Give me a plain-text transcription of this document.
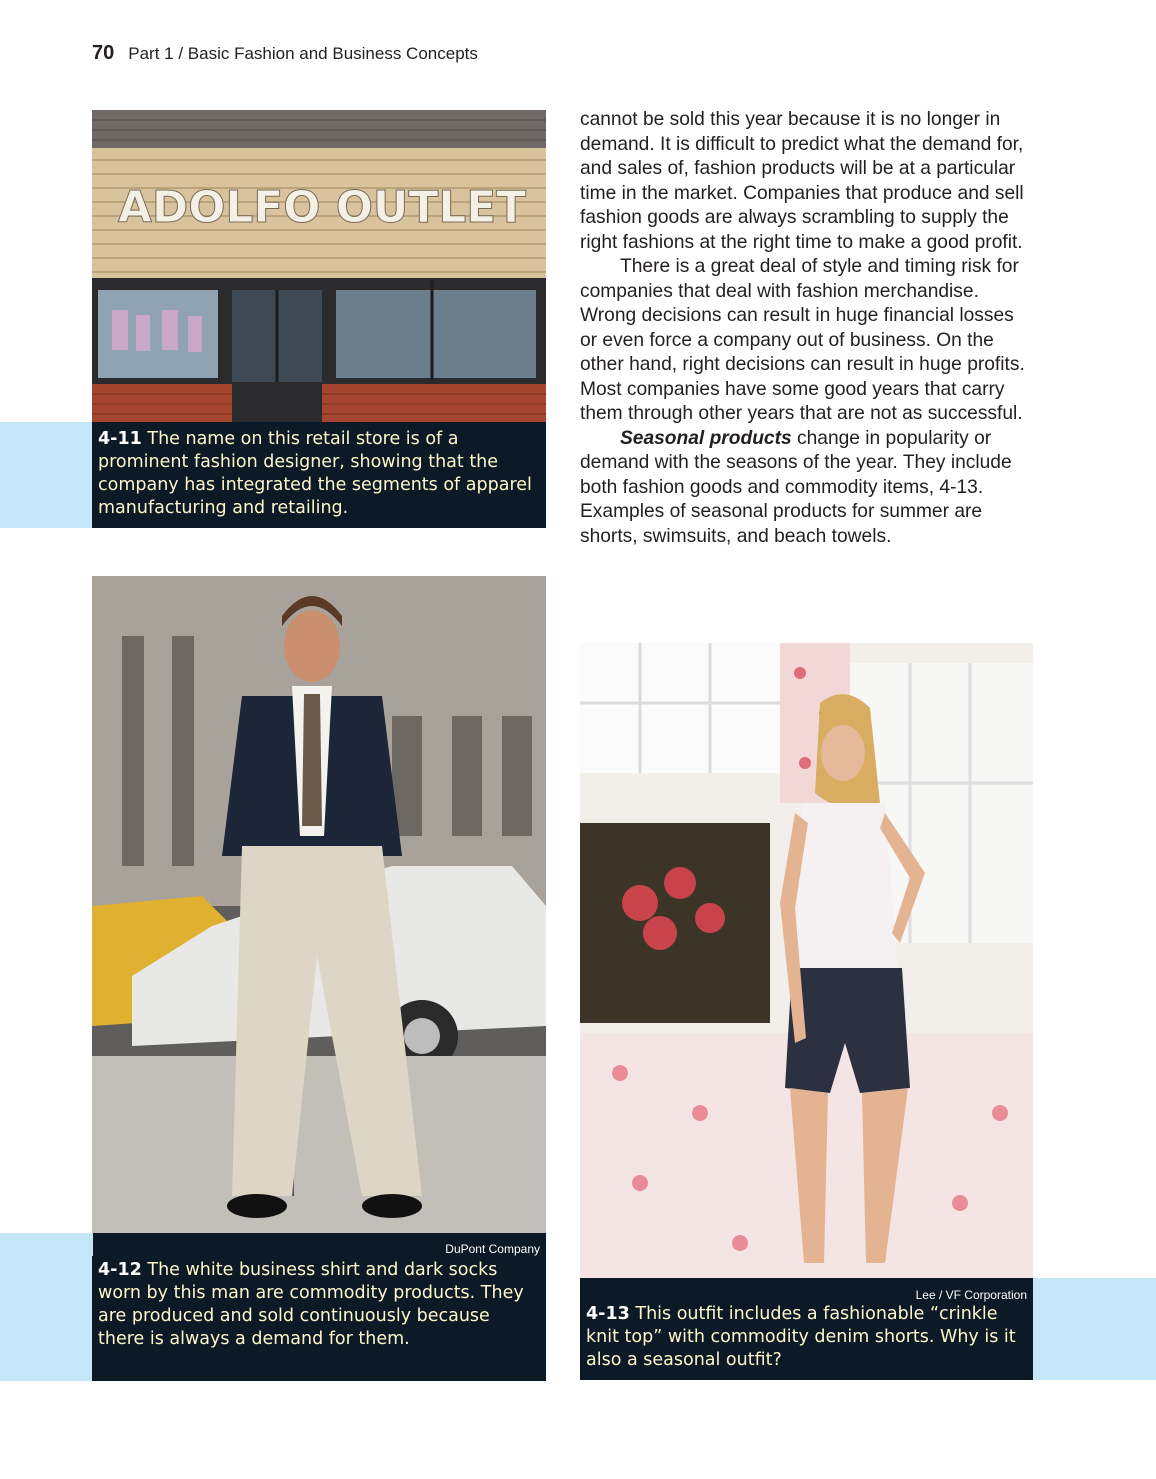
70 Part 1 / Basic Fashion and Business Concepts
ADOLFO OUTLET
4-11 The name on this retail store is of a prominent fashion designer, showing that the company has integrated the segments of apparel manufacturing and retailing.
DuPont Company
4-12 The white business shirt and dark socks worn by this man are commodity products. They are produced and sold continuously because there is always a demand for them.

cannot be sold this year because it is no longer in demand. It is difficult to predict what the demand for, and sales of, fashion products will be at a particular time in the market. Companies that produce and sell fashion goods are always scrambling to supply the right fashions at the right time to make a good profit.

There is a great deal of style and timing risk for companies that deal with fashion merchandise. Wrong decisions can result in huge financial losses or even force a company out of business. On the other hand, right decisions can result in huge profits. Most companies have some good years that carry them through other years that are not as successful.

Seasonal products change in popularity or demand with the seasons of the year. They include both fashion goods and commodity items, 4-13. Examples of seasonal products for summer are shorts, swimsuits, and beach towels.

4-13 This outfit includes a fashionable “crinkle knit top” with commodity denim shorts. Why is it also a seasonal outfit?
Lee / VF Corporation
